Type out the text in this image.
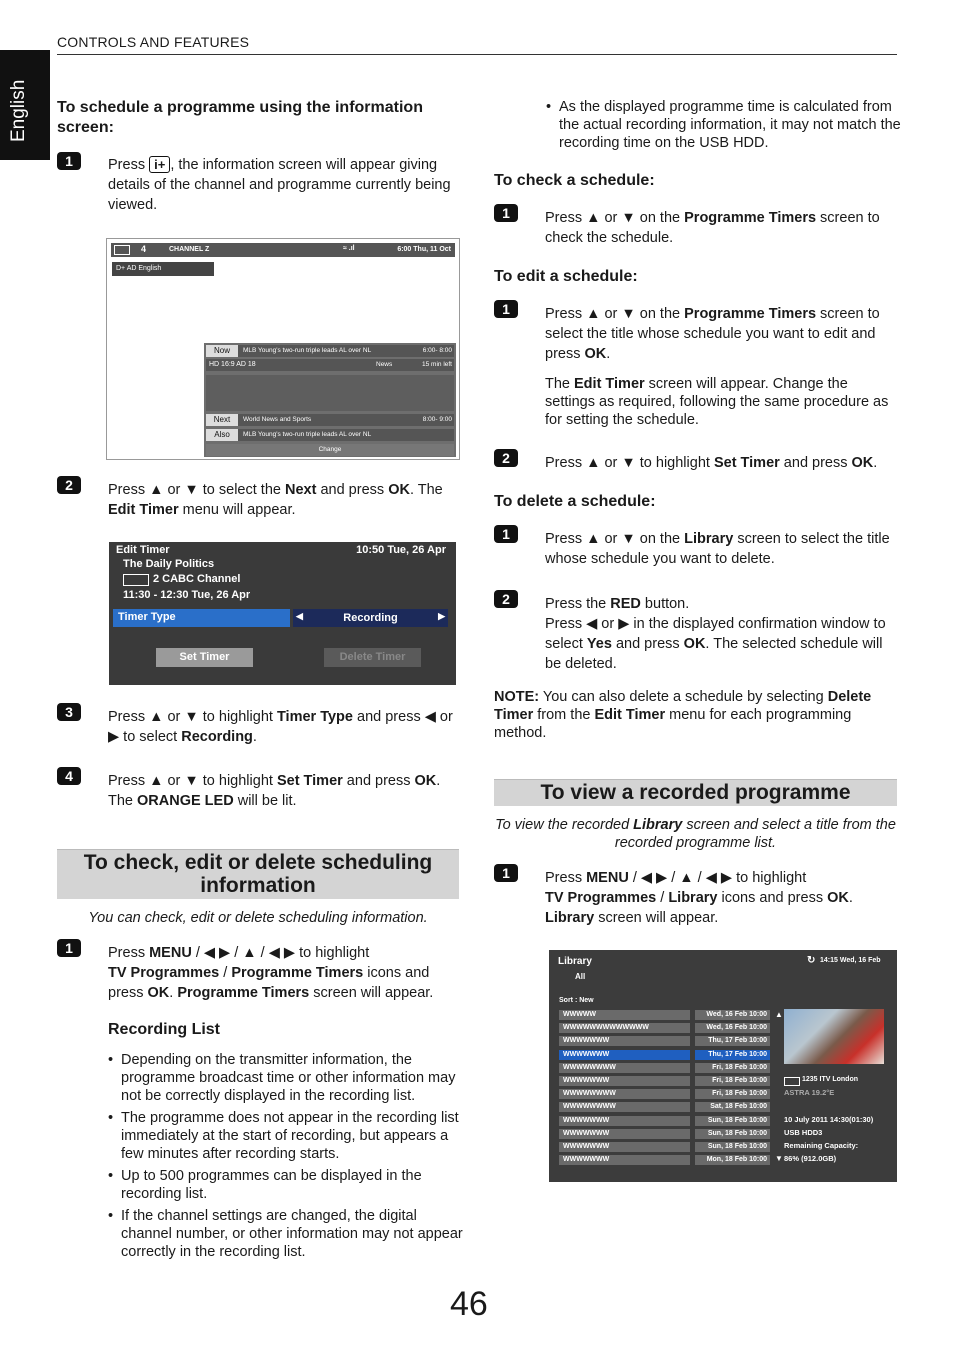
English
CONTROLS AND FEATURES
To schedule a programme using the information screen:
1	Press i+ , the information screen will appear giving details of the channel and programme currently being viewed.
4	CHANNEL Z	≈ .ıl	6:00 Thu, 11 Oct
D+ AD English
Now	MLB Young's two-run triple leads AL over NL	6:00- 8:00
HD 16:9 AD 18	News	15 min left
Next	World News and Sports	8:00- 9:00
Also	MLB Young's two-run triple leads AL over NL
Change
2	Press ▲ or ▼ to select the Next and press OK. The Edit Timer menu will appear.
Edit Timer	10:50 Tue, 26 Apr
The Daily Politics
2 CABC Channel
11:30 - 12:30 Tue, 26 Apr
Timer Type	◀	Recording	▶
Set Timer	Delete Timer
3	Press ▲ or ▼ to highlight Timer Type and press ◀ or ▶ to select Recording.
4	Press ▲ or ▼ to highlight Set Timer and press OK.
The ORANGE LED will be lit.
To check, edit or delete scheduling information
You can check, edit or delete scheduling information.
1	Press MENU / ◀ ▶ / ▲ / ◀ ▶ to highlight
TV Programmes / Programme Timers icons and press OK. Programme Timers screen will appear.
Recording List
• Depending on the transmitter information, the programme broadcast time or other information may not be correctly displayed in the recording list.
• The programme does not appear in the recording list immediately at the start of recording, but appears a few minutes after recording starts.
• Up to 500 programmes can be displayed in the recording list.
• If the channel settings are changed, the digital channel number, or other information may not appear correctly in the recording list.
• As the displayed programme time is calculated from the actual recording information, it may not match the recording time on the USB HDD.
To check a schedule:
1	Press ▲ or ▼ on the Programme Timers screen to check the schedule.
To edit a schedule:
1	Press ▲ or ▼ on the Programme Timers screen to select the title whose schedule you want to edit and press OK.
The Edit Timer screen will appear. Change the settings as required, following the same procedure as for setting the schedule.
2	Press ▲ or ▼ to highlight Set Timer and press OK.
To delete a schedule:
1	Press ▲ or ▼ on the Library screen to select the title whose schedule you want to delete.
2	Press the RED button.
Press ◀ or ▶ in the displayed confirmation window to select Yes and press OK. The selected schedule will be deleted.
NOTE: You can also delete a schedule by selecting Delete Timer from the Edit Timer menu for each programming method.
To view a recorded programme
To view the recorded Library screen and select a title from the recorded programme list.
1	Press MENU / ◀ ▶ / ▲ / ◀ ▶ to highlight
TV Programmes / Library icons and press OK.
Library screen will appear.
Library
All
↻ 14:15 Wed, 16 Feb
Sort : New
WWWWW	Wed, 16 Feb 10:00
WWWWWWWWWWWWW	Wed, 16 Feb 10:00
WWWWWWW	Thu, 17 Feb 10:00
WWWWWWW	Thu, 17 Feb 10:00
WWWWWWWW	Fri, 18 Feb 10:00
WWWWWWW	Fri, 18 Feb 10:00
WWWWWWWW	Fri, 18 Feb 10:00
WWWWWWWW	Sat, 18 Feb 10:00
WWWWWWW	Sun, 18 Feb 10:00
WWWWWWW	Sun, 18 Feb 10:00
WWWWWWW	Sun, 18 Feb 10:00
WWWWWWW	Mon, 18 Feb 10:00
▲
▼
1235 ITV London
ASTRA 19.2°E
10 July 2011 14:30(01:30)
USB HDD3
Remaining Capacity:
86% (912.0GB)
46
